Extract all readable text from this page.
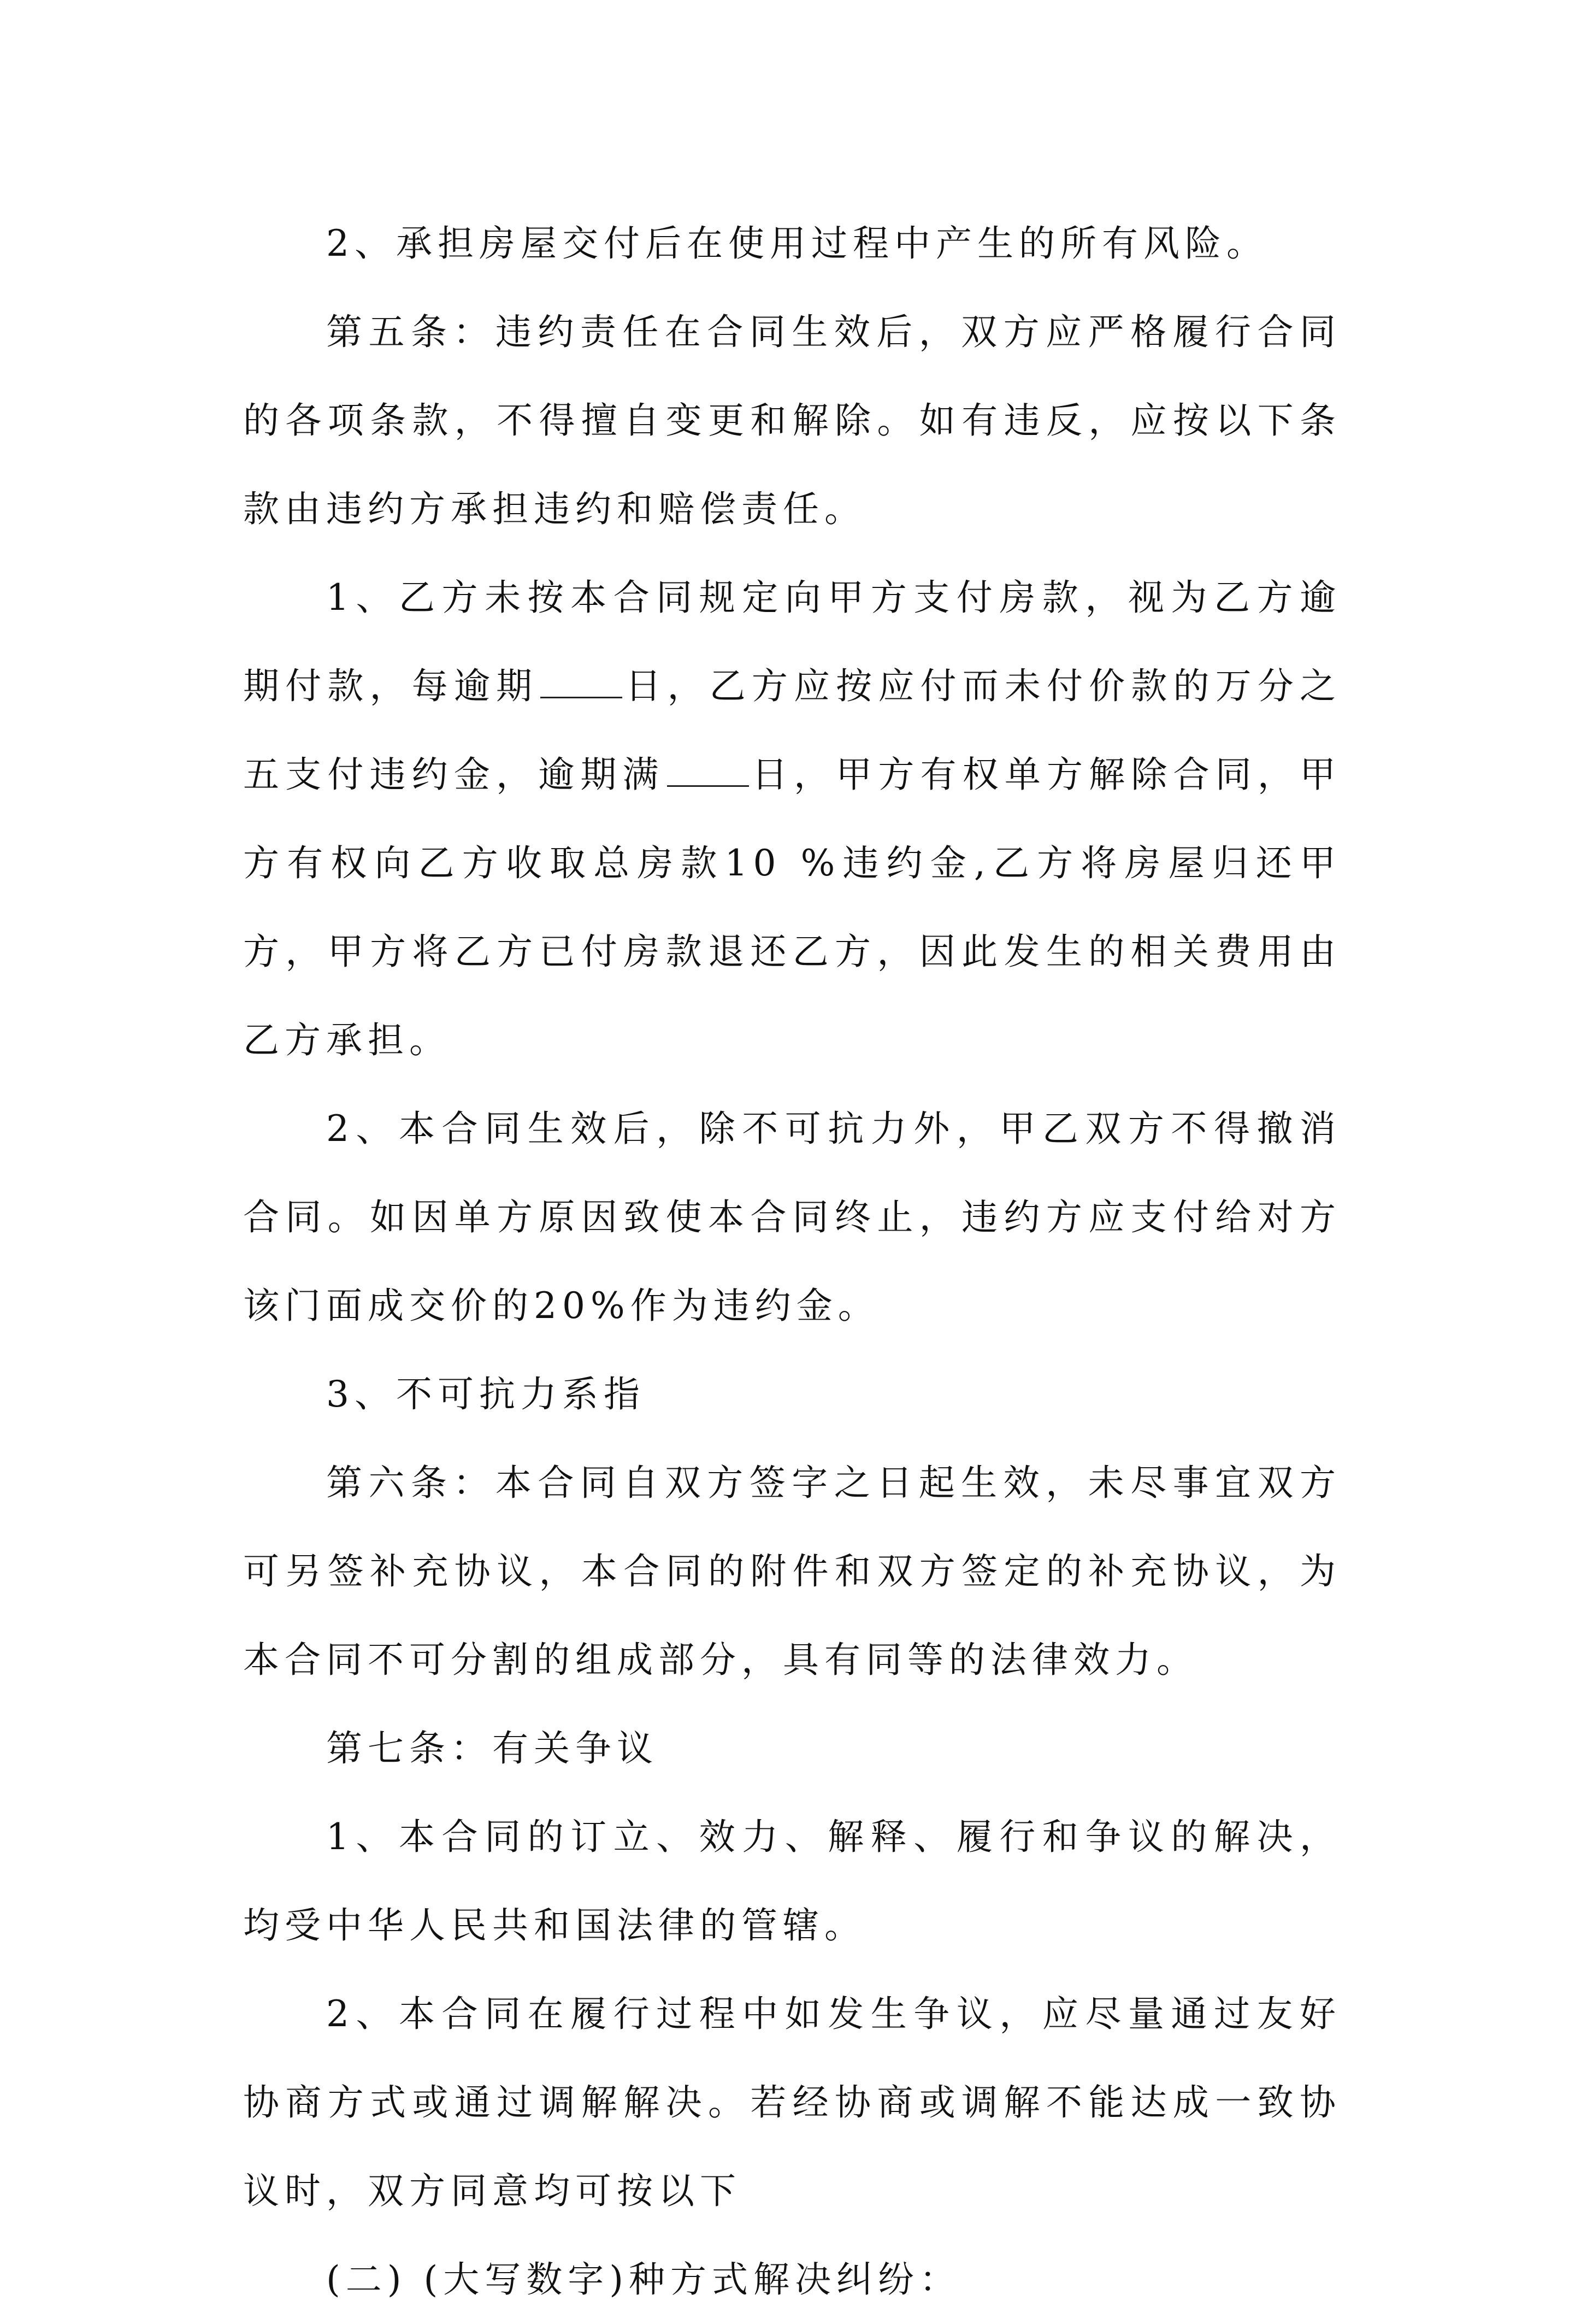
2、承担房屋交付后在使用过程中产生的所有风险。

第五条：违约责任在合同生效后，双方应严格履行合同的各项条款，不得擅自变更和解除。如有违反，应按以下条款由违约方承担违约和赔偿责任。

1、乙方未按本合同规定向甲方支付房款，视为乙方逾期付款，每逾期 日，乙方应按应付而未付价款的万分之五支付违约金，逾期满 日，甲方有权单方解除合同，甲方有权向乙方收取总房款10 %违约金,乙方将房屋归还甲方，甲方将乙方已付房款退还乙方，因此发生的相关费用由乙方承担。

2、本合同生效后，除不可抗力外，甲乙双方不得撤消合同。如因单方原因致使本合同终止，违约方应支付给对方该门面成交价的20%作为违约金。

3、不可抗力系指

第六条：本合同自双方签字之日起生效，未尽事宜双方可另签补充协议，本合同的附件和双方签定的补充协议，为本合同不可分割的组成部分，具有同等的法律效力。

第七条：有关争议

1、本合同的订立、效力、解释、履行和争议的解决，均受中华人民共和国法律的管辖。

2、本合同在履行过程中如发生争议，应尽量通过友好协商方式或通过调解解决。若经协商或调解不能达成一致协议时，双方同意均可按以下

(二) (大写数字)种方式解决纠纷：
